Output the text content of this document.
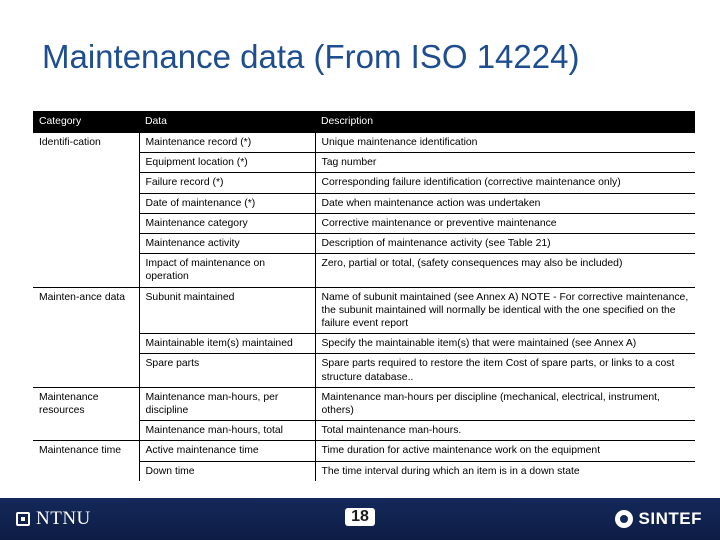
Maintenance data (From ISO 14224)
Category	Data	Description
Identifi-cation	Maintenance record (*)	Unique maintenance identification
	Equipment location (*)	Tag number
	Failure record (*)	Corresponding failure identification (corrective maintenance only)
	Date of maintenance (*)	Date when maintenance action was undertaken
	Maintenance category	Corrective maintenance or preventive maintenance
	Maintenance activity	Description of maintenance activity (see Table 21)
	Impact of maintenance on operation	Zero, partial or total, (safety consequences may also be included)
Mainten-ance data	Subunit maintained	Name of subunit maintained (see Annex A) NOTE - For corrective maintenance, the subunit maintained will normally be identical with the one specified on the failure event report
	Maintainable item(s) maintained	Specify the maintainable item(s) that were maintained (see Annex A)
	Spare parts	Spare parts required to restore the item Cost of spare parts, or links to a cost structure database..
Maintenance resources	Maintenance man-hours, per discipline	Maintenance man-hours per discipline (mechanical, electrical, instrument, others)
	Maintenance man-hours, total	Total maintenance man-hours.
Maintenance time	Active maintenance time	Time duration for active maintenance work on the equipment
	Down time	The time interval during which an item is in a down state
NTNU	SINTEF
18
